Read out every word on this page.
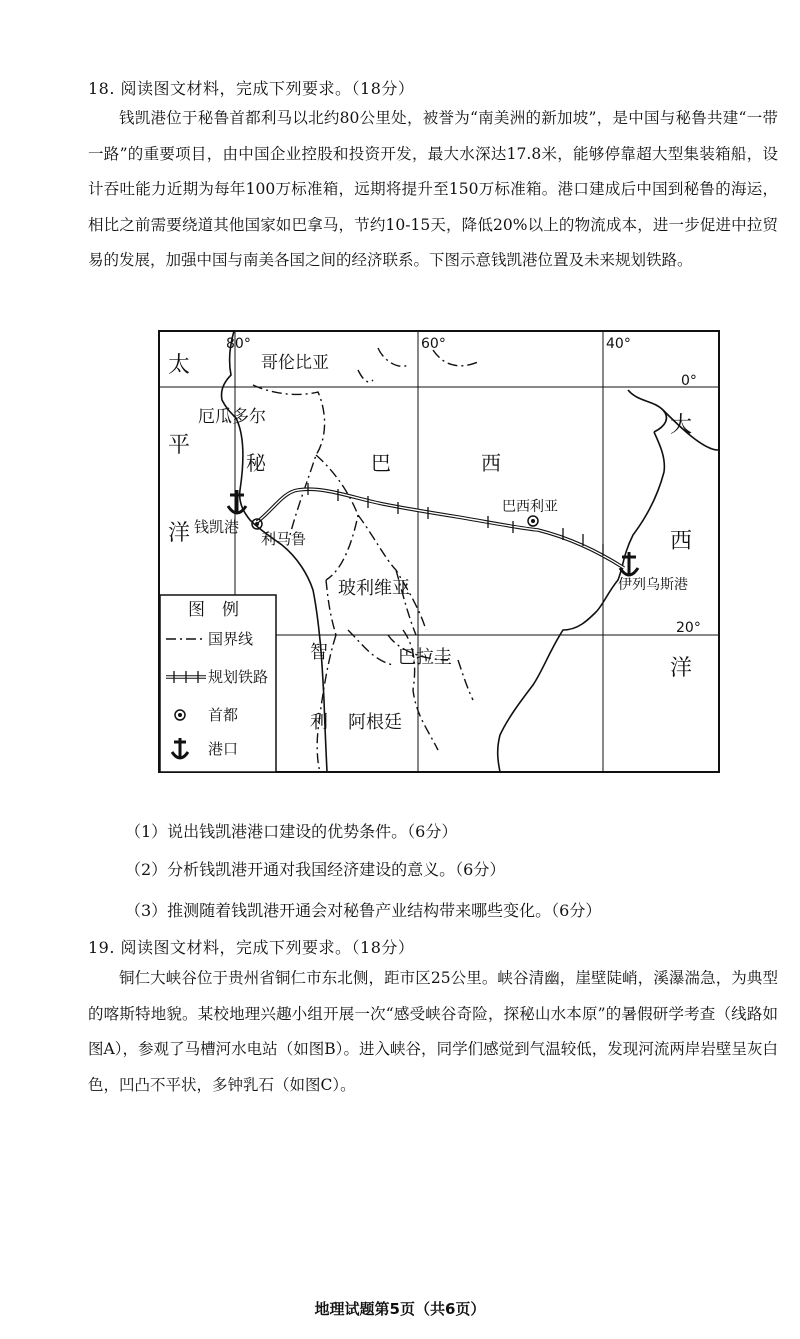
18. 阅读图文材料，完成下列要求。（18分）
钱凯港位于秘鲁首都利马以北约80公里处，被誉为“南美洲的新加坡”，是中国与秘鲁共建“一带一路”的重要项目，由中国企业控股和投资开发，最大水深达17.8米，能够停靠超大型集装箱船，设计吞吐能力近期为每年100万标准箱，远期将提升至150万标准箱。港口建成后中国到秘鲁的海运，相比之前需要绕道其他国家如巴拿马，节约10-15天，降低20%以上的物流成本，进一步促进中拉贸易的发展，加强中国与南美各国之间的经济联系。下图示意钱凯港位置及未来规划铁路。
80°	60°	40°
0°
20°
太
平
洋
大
西
洋
哥伦比亚
厄瓜多尔
秘	巴	西
玻利维亚
智
利
巴拉圭
阿根廷
钱凯港
利马鲁
巴西利亚
伊列乌斯港
图　例
国界线
规划铁路
首都
港口
（1）说出钱凯港港口建设的优势条件。（6分）
（2）分析钱凯港开通对我国经济建设的意义。（6分）
（3）推测随着钱凯港开通会对秘鲁产业结构带来哪些变化。（6分）
19. 阅读图文材料，完成下列要求。（18分）
铜仁大峡谷位于贵州省铜仁市东北侧，距市区25公里。峡谷清幽，崖壁陡峭，溪瀑湍急，为典型的喀斯特地貌。某校地理兴趣小组开展一次“感受峡谷奇险，探秘山水本原”的暑假研学考查（线路如图A），参观了马槽河水电站（如图B）。进入峡谷，同学们感觉到气温较低，发现河流两岸岩壁呈灰白色，凹凸不平状，多钟乳石（如图C）。
地理试题第5页（共6页）
